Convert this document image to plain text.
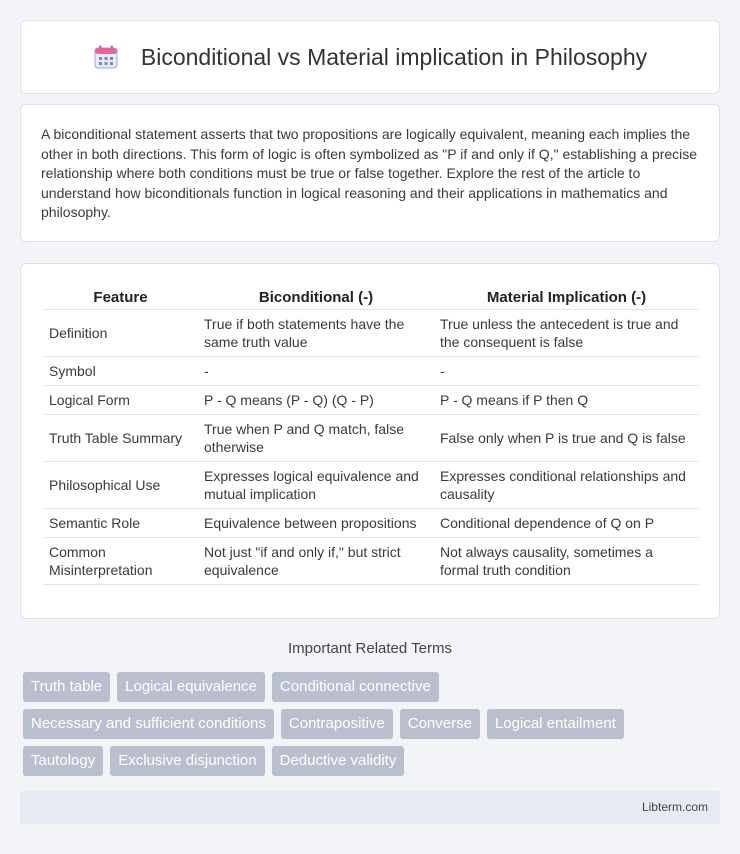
Biconditional vs Material implication in Philosophy

A biconditional statement asserts that two propositions are logically equivalent, meaning each implies the other in both directions. This form of logic is often symbolized as "P if and only if Q," establishing a precise relationship where both conditions must be true or false together. Explore the rest of the article to understand how biconditionals function in logical reasoning and their applications in mathematics and philosophy.

Feature	Biconditional (-)	Material Implication (-)
Definition	True if both statements have the same truth value	True unless the antecedent is true and the consequent is false
Symbol	-	-
Logical Form	P - Q means (P - Q) (Q - P)	P - Q means if P then Q
Truth Table Summary	True when P and Q match, false otherwise	False only when P is true and Q is false
Philosophical Use	Expresses logical equivalence and mutual implication	Expresses conditional relationships and causality
Semantic Role	Equivalence between propositions	Conditional dependence of Q on P
Common Misinterpretation	Not just "if and only if," but strict equivalence	Not always causality, sometimes a formal truth condition
Important Related Terms
Truth table	Logical equivalence	Conditional connective
Necessary and sufficient conditions	Contrapositive	Converse	Logical entailment
Tautology	Exclusive disjunction	Deductive validity
Libterm.com
